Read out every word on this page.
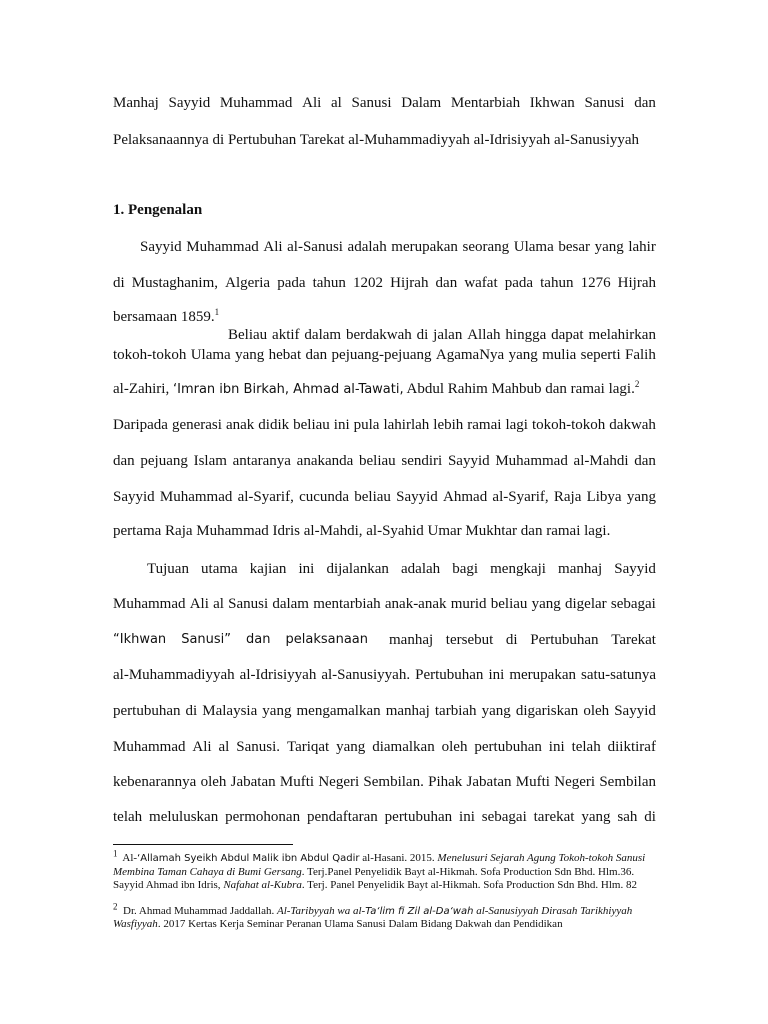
Manhaj Sayyid Muhammad Ali al Sanusi Dalam Mentarbiah Ikhwan Sanusi dan
Pelaksanaannya di Pertubuhan Tarekat al-Muhammadiyyah al-Idrisiyyah al-Sanusiyyah
1. Pengenalan
Sayyid Muhammad Ali al-Sanusi adalah merupakan seorang Ulama besar yang lahir
di Mustaghanim, Algeria pada tahun 1202 Hijrah dan wafat pada tahun 1276 Hijrah
bersamaan 1859.$^1$
Beliau aktif dalam berdakwah di jalan Allah hingga dapat melahirkan
tokoh-tokoh Ulama yang hebat dan pejuang-pejuang AgamaNya yang mulia seperti Falih
al-Zahiri, ‘Imran ibn Birkah, Ahmad al-Tawati, Abdul Rahim Mahbub dan ramai lagi.$^2$
Daripada generasi anak didik beliau ini pula lahirlah lebih ramai lagi tokoh-tokoh dakwah
dan pejuang Islam antaranya anakanda beliau sendiri Sayyid Muhammad al-Mahdi dan
Sayyid Muhammad al-Syarif, cucunda beliau Sayyid Ahmad al-Syarif, Raja Libya yang
pertama Raja Muhammad Idris al-Mahdi, al-Syahid Umar Mukhtar dan ramai lagi.
Tujuan utama kajian ini dijalankan adalah bagi mengkaji manhaj Sayyid
Muhammad Ali al Sanusi dalam mentarbiah anak-anak murid beliau yang digelar sebagai
“Ikhwan Sanusi” dan pelaksanaan manhaj tersebut di Pertubuhan Tarekat
al-Muhammadiyyah al-Idrisiyyah al-Sanusiyyah. Pertubuhan ini merupakan satu-satunya
pertubuhan di Malaysia yang mengamalkan manhaj tarbiah yang digariskan oleh Sayyid
Muhammad Ali al Sanusi. Tariqat yang diamalkan oleh pertubuhan ini telah diiktiraf
kebenarannya oleh Jabatan Mufti Negeri Sembilan. Pihak Jabatan Mufti Negeri Sembilan
telah meluluskan permohonan pendaftaran pertubuhan ini sebagai tarekat yang sah di
$^1$ Al-‘Allamah Syeikh Abdul Malik ibn Abdul Qadir al-Hasani. 2015. Menelusuri Sejarah Agung Tokoh-tokoh Sanusi
Membina Taman Cahaya di Bumi Gersang. Terj.Panel Penyelidik Bayt al-Hikmah. Sofa Production Sdn Bhd. Hlm.36.
Sayyid Ahmad ibn Idris, Nafahat al-Kubra. Terj. Panel Penyelidik Bayt al-Hikmah. Sofa Production Sdn Bhd. Hlm. 82
$^2$ Dr. Ahmad Muhammad Jaddallah. Al-Taribyyah wa al-Ta‘lim fi Zil al-Da‘wah al-Sanusiyyah Dirasah Tarikhiyyah
Wasfiyyah. 2017 Kertas Kerja Seminar Peranan Ulama Sanusi Dalam Bidang Dakwah dan Pendidikan
